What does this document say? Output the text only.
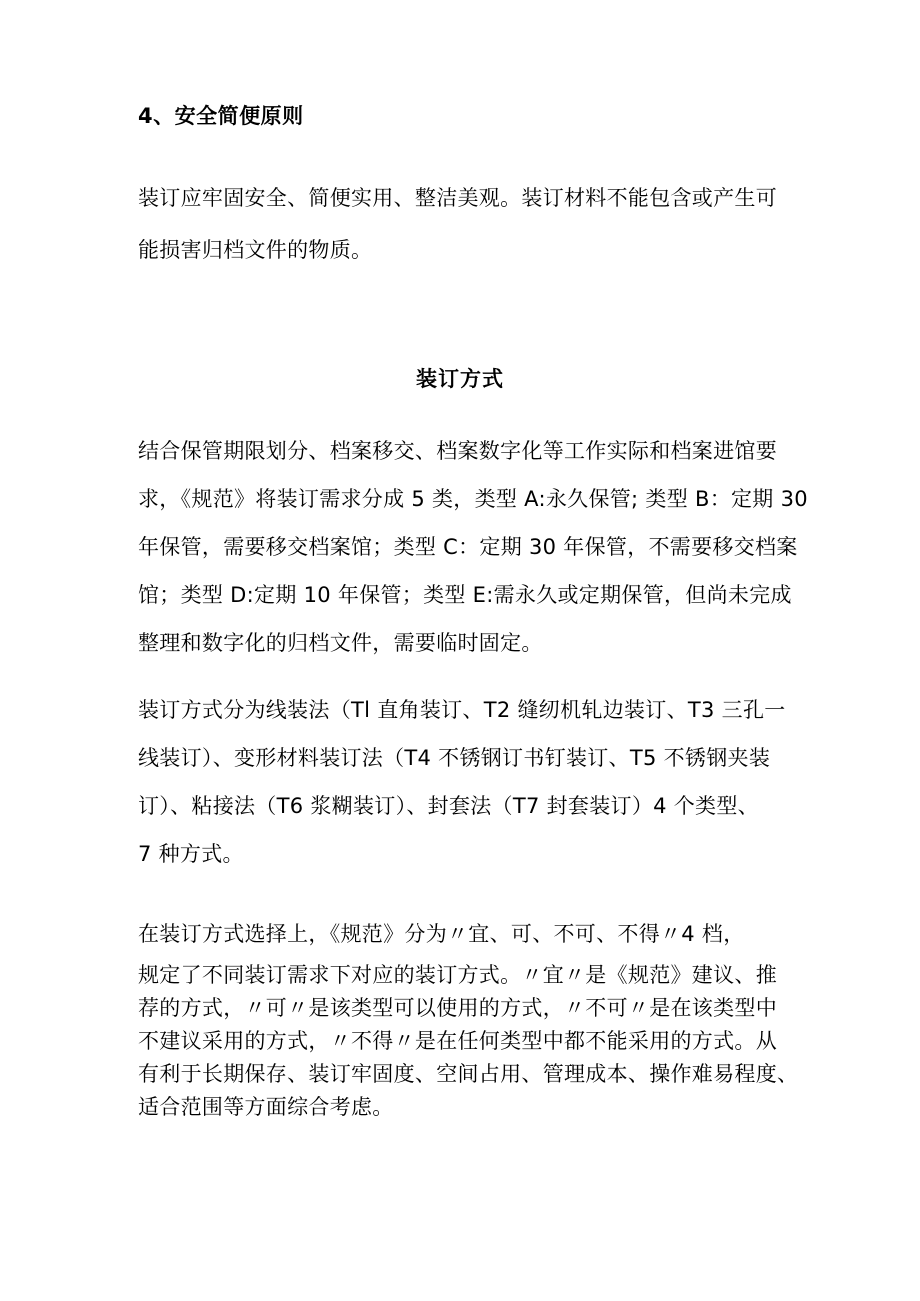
4、安全简便原则
装订应牢固安全、简便实用、整洁美观。装订材料不能包含或产生可
能损害归档文件的物质。
装订方式
结合保管期限划分、档案移交、档案数字化等工作实际和档案进馆要
求，《规范》将装订需求分成 5 类，类型 A:永久保管; 类型 B：定期 30
年保管，需要移交档案馆；类型 C：定期 30 年保管，不需要移交档案
馆；类型 D:定期 10 年保管；类型 E:需永久或定期保管，但尚未完成
整理和数字化的归档文件，需要临时固定。
装订方式分为线装法（Tl 直角装订、T2 缝纫机轧边装订、T3 三孔一
线装订）、变形材料装订法（T4 不锈钢订书钉装订、T5 不锈钢夹装
订）、粘接法（T6 浆糊装订）、封套法（T7 封套装订）4 个类型、
7 种方式。
在装订方式选择上，《规范》分为〃宜、可、不可、不得〃4 档，
规定了不同装订需求下对应的装订方式。〃宜〃是《规范》建议、推
荐的方式，〃可〃是该类型可以使用的方式，〃不可〃是在该类型中
不建议采用的方式，〃不得〃是在任何类型中都不能采用的方式。从
有利于长期保存、装订牢固度、空间占用、管理成本、操作难易程度、
适合范围等方面综合考虑。
